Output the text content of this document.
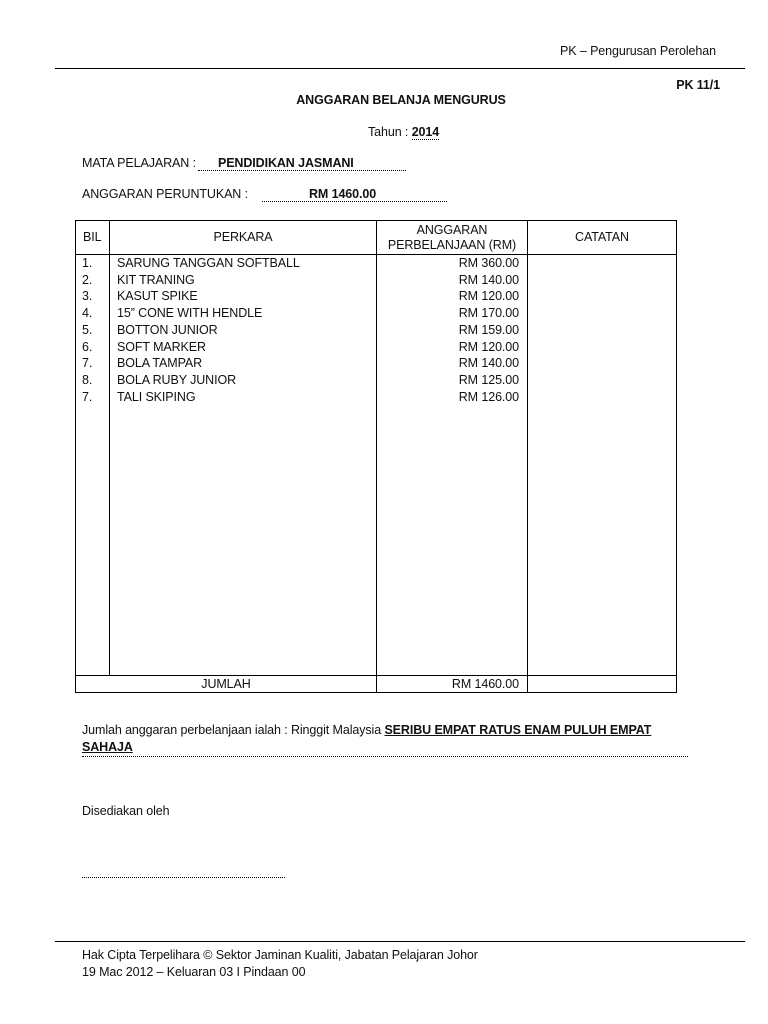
PK – Pengurusan Perolehan
PK 11/1
ANGGARAN BELANJA MENGURUS
Tahun : 2014
MATA PELAJARAN : PENDIDIKAN JASMANI
ANGGARAN PERUNTUKAN :	RM 1460.00
BIL	PERKARA	ANGGARAN
PERBELANJAAN (RM)	CATATAN
1.	SARUNG TANGGAN SOFTBALL	RM 360.00	
2.	KIT TRANING	RM 140.00	
3.	KASUT SPIKE	RM 120.00	
4.	15” CONE WITH HENDLE	RM 170.00	
5.	BOTTON JUNIOR	RM 159.00	
6.	SOFT MARKER	RM 120.00	
7.	BOLA TAMPAR	RM 140.00	
8.	BOLA RUBY JUNIOR	RM 125.00	
7.	TALI SKIPING	RM 126.00	

JUMLAH		RM 1460.00	
Jumlah anggaran perbelanjaan ialah : Ringgit Malaysia SERIBU EMPAT RATUS ENAM PULUH EMPAT
SAHAJA
Disediakan oleh
Hak Cipta Terpelihara © Sektor Jaminan Kualiti, Jabatan Pelajaran Johor
19 Mac 2012 – Keluaran 03 I Pindaan 00
